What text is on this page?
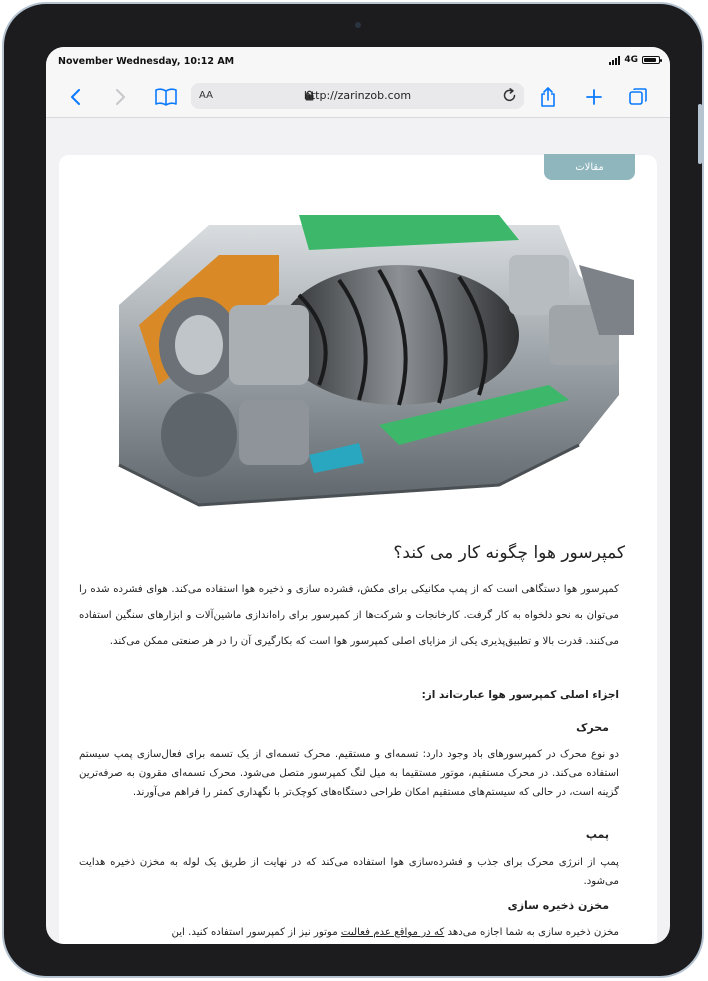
November Wednesday, 10:12 AM	4G
AA	http://zarinzob.com
مقالات

کمپرسور هوا چگونه کار می کند؟

کمپرسور هوا دستگاهی است که از پمپ مکانیکی برای مکش، فشرده سازی و ذخیره هوا استفاده می‌کند. هوای فشرده شده را می‌توان به نحو دلخواه به کار گرفت. کارخانجات و شرکت‌ها از کمپرسور برای راه‌اندازی ماشین‌آلات و ابزارهای سنگین استفاده می‌کنند. قدرت بالا و تطبیق‌پذیری یکی از مزایای اصلی کمپرسور هوا است که بکارگیری آن را در هر صنعتی ممکن می‌کند.

اجزاء اصلی کمپرسور هوا عبارت‌اند از:

محرک

دو نوع محرک در کمپرسورهای باد وجود دارد: تسمه‌ای و مستقیم. محرک تسمه‌ای از یک تسمه برای فعال‌سازی پمپ سیستم استفاده می‌کند. در محرک مستقیم، موتور مستقیما به میل لنگ کمپرسور متصل می‌شود. محرک تسمه‌ای مقرون به صرفه‌ترین گزینه است، در حالی که سیستم‌های مستقیم امکان طراحی دستگاه‌های کوچک‌تر با نگهداری کمتر را فراهم می‌آورند.

پمپ

پمپ از انرژی محرک برای جذب و فشرده‌سازی هوا استفاده می‌کند که در نهایت از طریق یک لوله به مخزن ذخیره هدایت می‌شود.

مخزن ذخیره سازی

مخزن ذخیره سازی به شما اجازه می‌دهد که در مواقع عدم فعالیت موتور نیز از کمپرسور استفاده کنید. این
